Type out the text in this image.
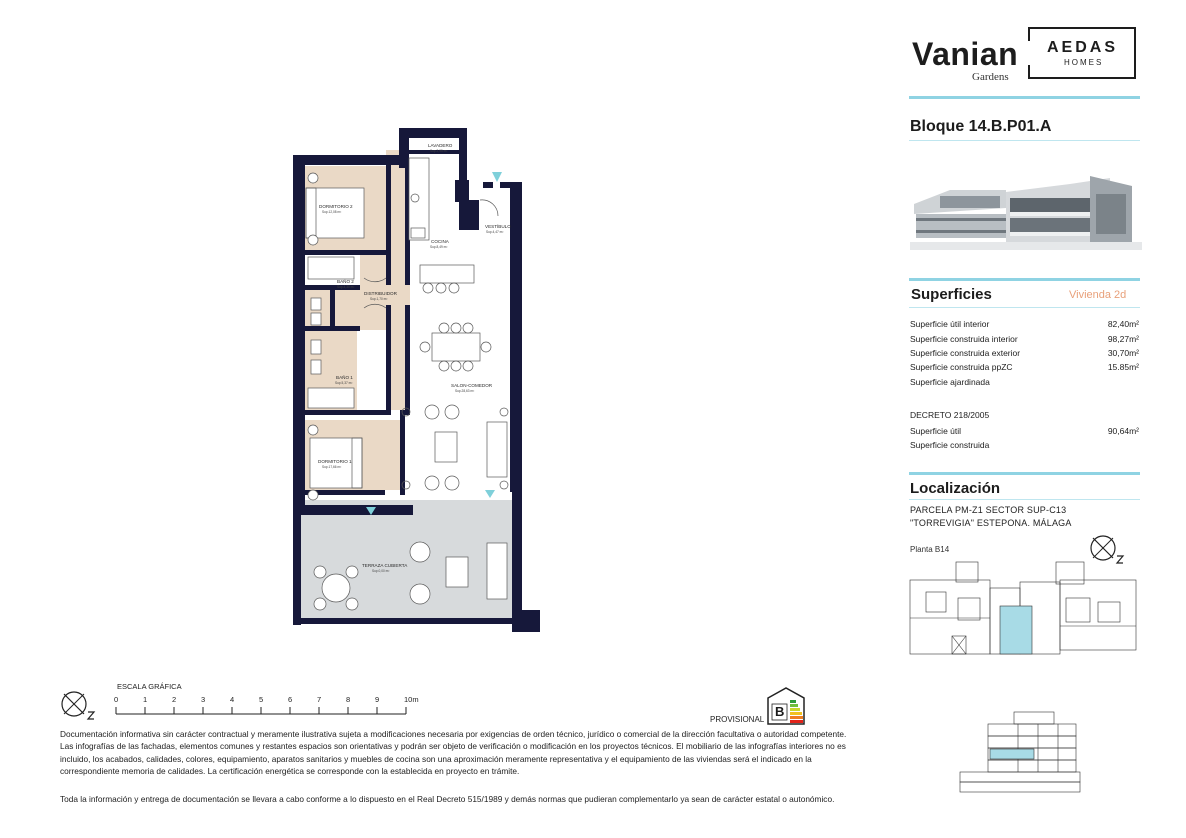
LAVADERO
Sup.2,95 m²
DORMITORIO 2
Sup.12,08 m²
COCINA
Sup.8,49 m²
VESTÍBULO
Sup.4,47 m²
BAÑO 2
Sup.4,30 m²
DISTRIBUIDOR
Sup.1,70 m²
BAÑO 1
Sup.5,37 m²	SALON-COMEDOR
Sup.28,63 m²
DORMITORIO 1
Sup.17,66 m²
TERRAZA CUBIERTA
Sup.0,00 m²
Vanian
Gardens
AEDAS
HOMES
Bloque 14.B.P01.A
Superficies	Vivienda 2d
Superficie útil interior	82,40m²
Superficie construida interior	98,27m²
Superficie construida exterior	30,70m²
Superficie construida ppZC	15.85m²
Superficie ajardinada
DECRETO 218/2005
Superficie útil	90,64m²
Superficie construida
Localización
PARCELA PM-Z1 SECTOR SUP-C13
"TORREVIGIA" ESTEPONA. MÁLAGA
Planta B14
ESCALA GRÁFICA
0	1	2	3	4	5	6	7	8	9	10m
PROVISIONAL
B
Documentación informativa sin carácter contractual y meramente ilustrativa sujeta a modificaciones necesaria por exigencias de orden técnico, jurídico o comercial de la dirección facultativa o autoridad competente. Las infografías de las fachadas, elementos comunes y restantes espacios son orientativas y podrán ser objeto de verificación o modificación en los proyectos técnicos. El mobiliario de las infografías interiores no es incluido, los acabados, calidades, colores, equipamiento, aparatos sanitarios y muebles de cocina son una aproximación meramente representativa y el equipamiento de las viviendas será el indicado en la correspondiente memoria de calidades. La certificación energética se corresponde con la establecida en proyecto en trámite.
Toda la información y entrega de documentación se llevara a cabo conforme a lo dispuesto en el Real Decreto 515/1989 y demás normas que pudieran complementarlo ya sean de carácter estatal o autonómico.
